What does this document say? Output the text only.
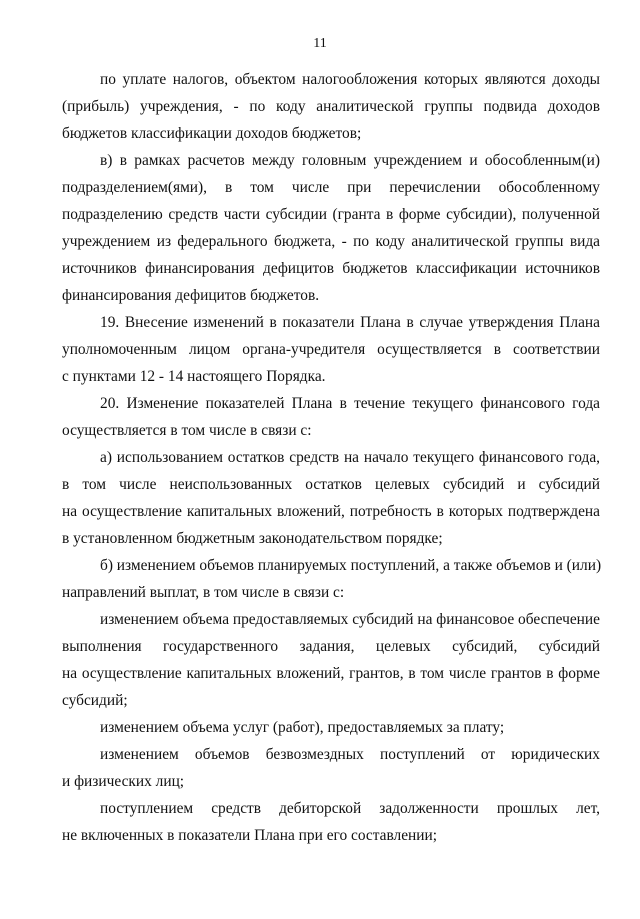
11
по уплате налогов, объектом налогообложения которых являются доходы
(прибыль) учреждения, - по коду аналитической группы подвида доходов
бюджетов классификации доходов бюджетов;
в) в рамках расчетов между головным учреждением и обособленным(и)
подразделением(ями), в том числе при перечислении обособленному
подразделению средств части субсидии (гранта в форме субсидии), полученной
учреждением из федерального бюджета, - по коду аналитической группы вида
источников финансирования дефицитов бюджетов классификации источников
финансирования дефицитов бюджетов.
19. Внесение изменений в показатели Плана в случае утверждения Плана
уполномоченным лицом органа-учредителя осуществляется в соответствии
с пунктами 12 - 14 настоящего Порядка.
20. Изменение показателей Плана в течение текущего финансового года
осуществляется в том числе в связи с:
а) использованием остатков средств на начало текущего финансового года,
в том числе неиспользованных остатков целевых субсидий и субсидий
на осуществление капитальных вложений, потребность в которых подтверждена
в установленном бюджетным законодательством порядке;
б) изменением объемов планируемых поступлений, а также объемов и (или)
направлений выплат, в том числе в связи с:
изменением объема предоставляемых субсидий на финансовое обеспечение
выполнения государственного задания, целевых субсидий, субсидий
на осуществление капитальных вложений, грантов, в том числе грантов в форме
субсидий;
изменением объема услуг (работ), предоставляемых за плату;
изменением объемов безвозмездных поступлений от юридических
и физических лиц;
поступлением средств дебиторской задолженности прошлых лет,
не включенных в показатели Плана при его составлении;
